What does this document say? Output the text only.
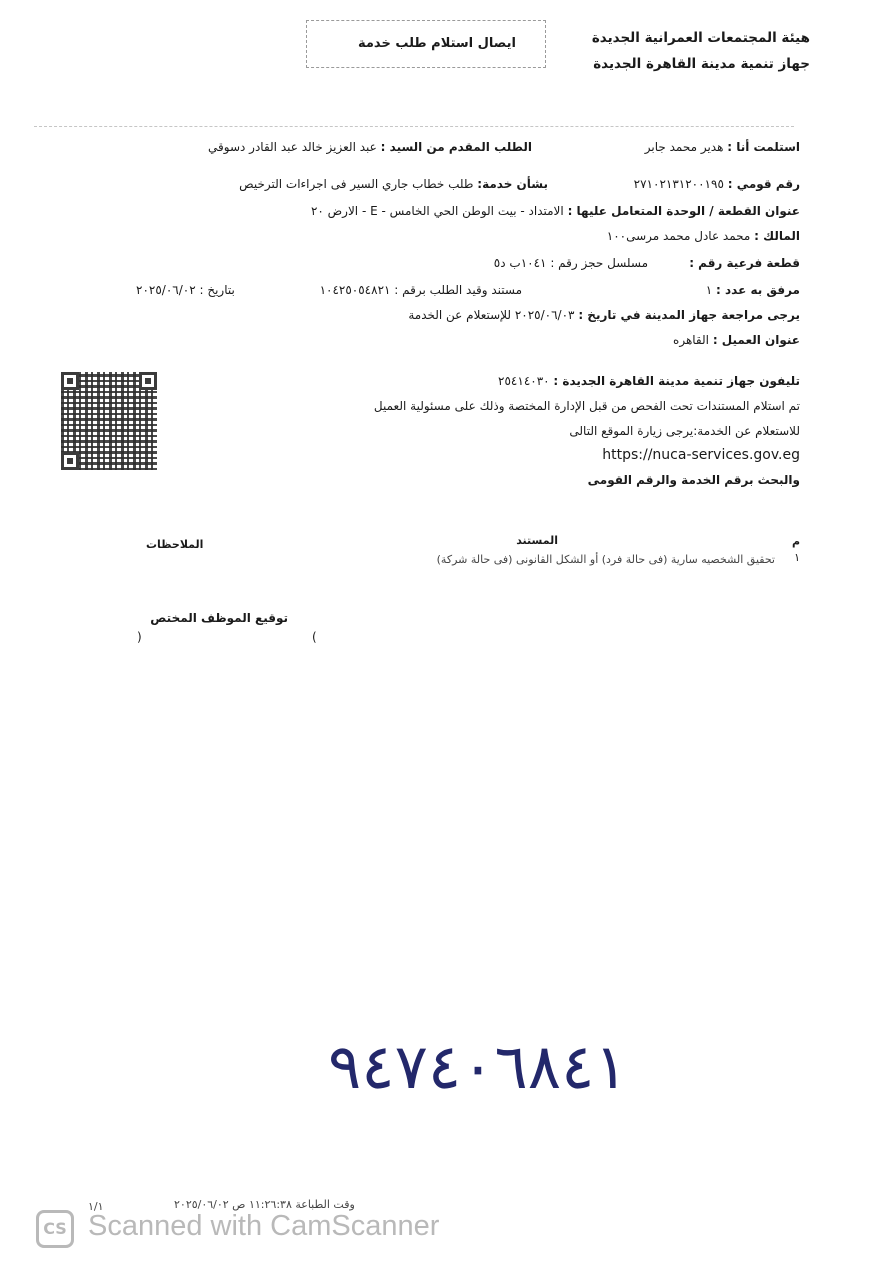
هيئة المجتمعات العمرانية الجديدة
جهاز تنمية مدينة القاهرة الجديدة
ايصال استلام طلب خدمة
استلمت أنا : هدير محمد جابر
الطلب المقدم من السيد : عبد العزيز خالد عبد القادر دسوقي
رقم قومي : ٢٧١٠٢١٣١٢٠٠١٩٥
بشأن خدمة: طلب خطاب جاري السير فى اجراءات الترخيص
عنوان القطعة / الوحدة المتعامل عليها : الامتداد - بيت الوطن الحي الخامس - E - الارض ٢٠
المالك : محمد عادل محمد مرسى١٠٠
قطعة فرعية رقم :
مسلسل حجز رقم : ١٠٤١ب د٥
مرفق به عدد : ١
مستند وقيد الطلب برقم : ١٠٤٢٥٠٥٤٨٢١
بتاريخ : ٢٠٢٥/٠٦/٠٢
يرجى مراجعة جهاز المدينة في تاريخ : ٢٠٢٥/٠٦/٠٣ للإستعلام عن الخدمة
عنوان العميل : القاهره
تليفون جهاز تنمية مدينة القاهرة الجديدة : ٢٥٤١٤٠٣٠
تم استلام المستندات تحت الفحص من قبل الإدارة المختصة وذلك على مسئولية العميل
للاستعلام عن الخدمة:يرجى زيارة الموقع التالى
https://nuca-services.gov.eg
والبحث برقم الخدمة والرقم القومى
م
المستند
الملاحظات
١
تحقيق الشخصيه سارية (فى حالة فرد) أو الشكل القانونى (فى حالة شركة)
توقيع الموظف المختص
(
)
٩٤٧٤٠٦٨٤١
وقت الطباعة ١١:٢٦:٣٨ ص ٢٠٢٥/٠٦/٠٢
١/١
CS Scanned with CamScanner
